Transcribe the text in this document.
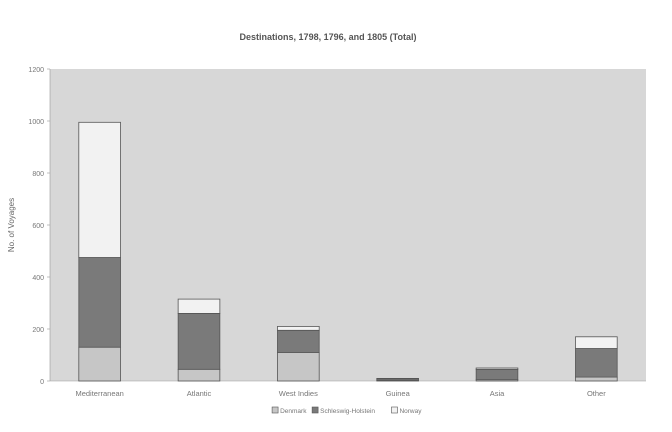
Destinations, 1798, 1796, and 1805 (Total)
0
200
400
600
800
1000
1200
Mediterranean	Atlantic	West Indies	Guinea	Asia	Other
No. of Voyages
Denmark Schleswig-Holstein	Norway
